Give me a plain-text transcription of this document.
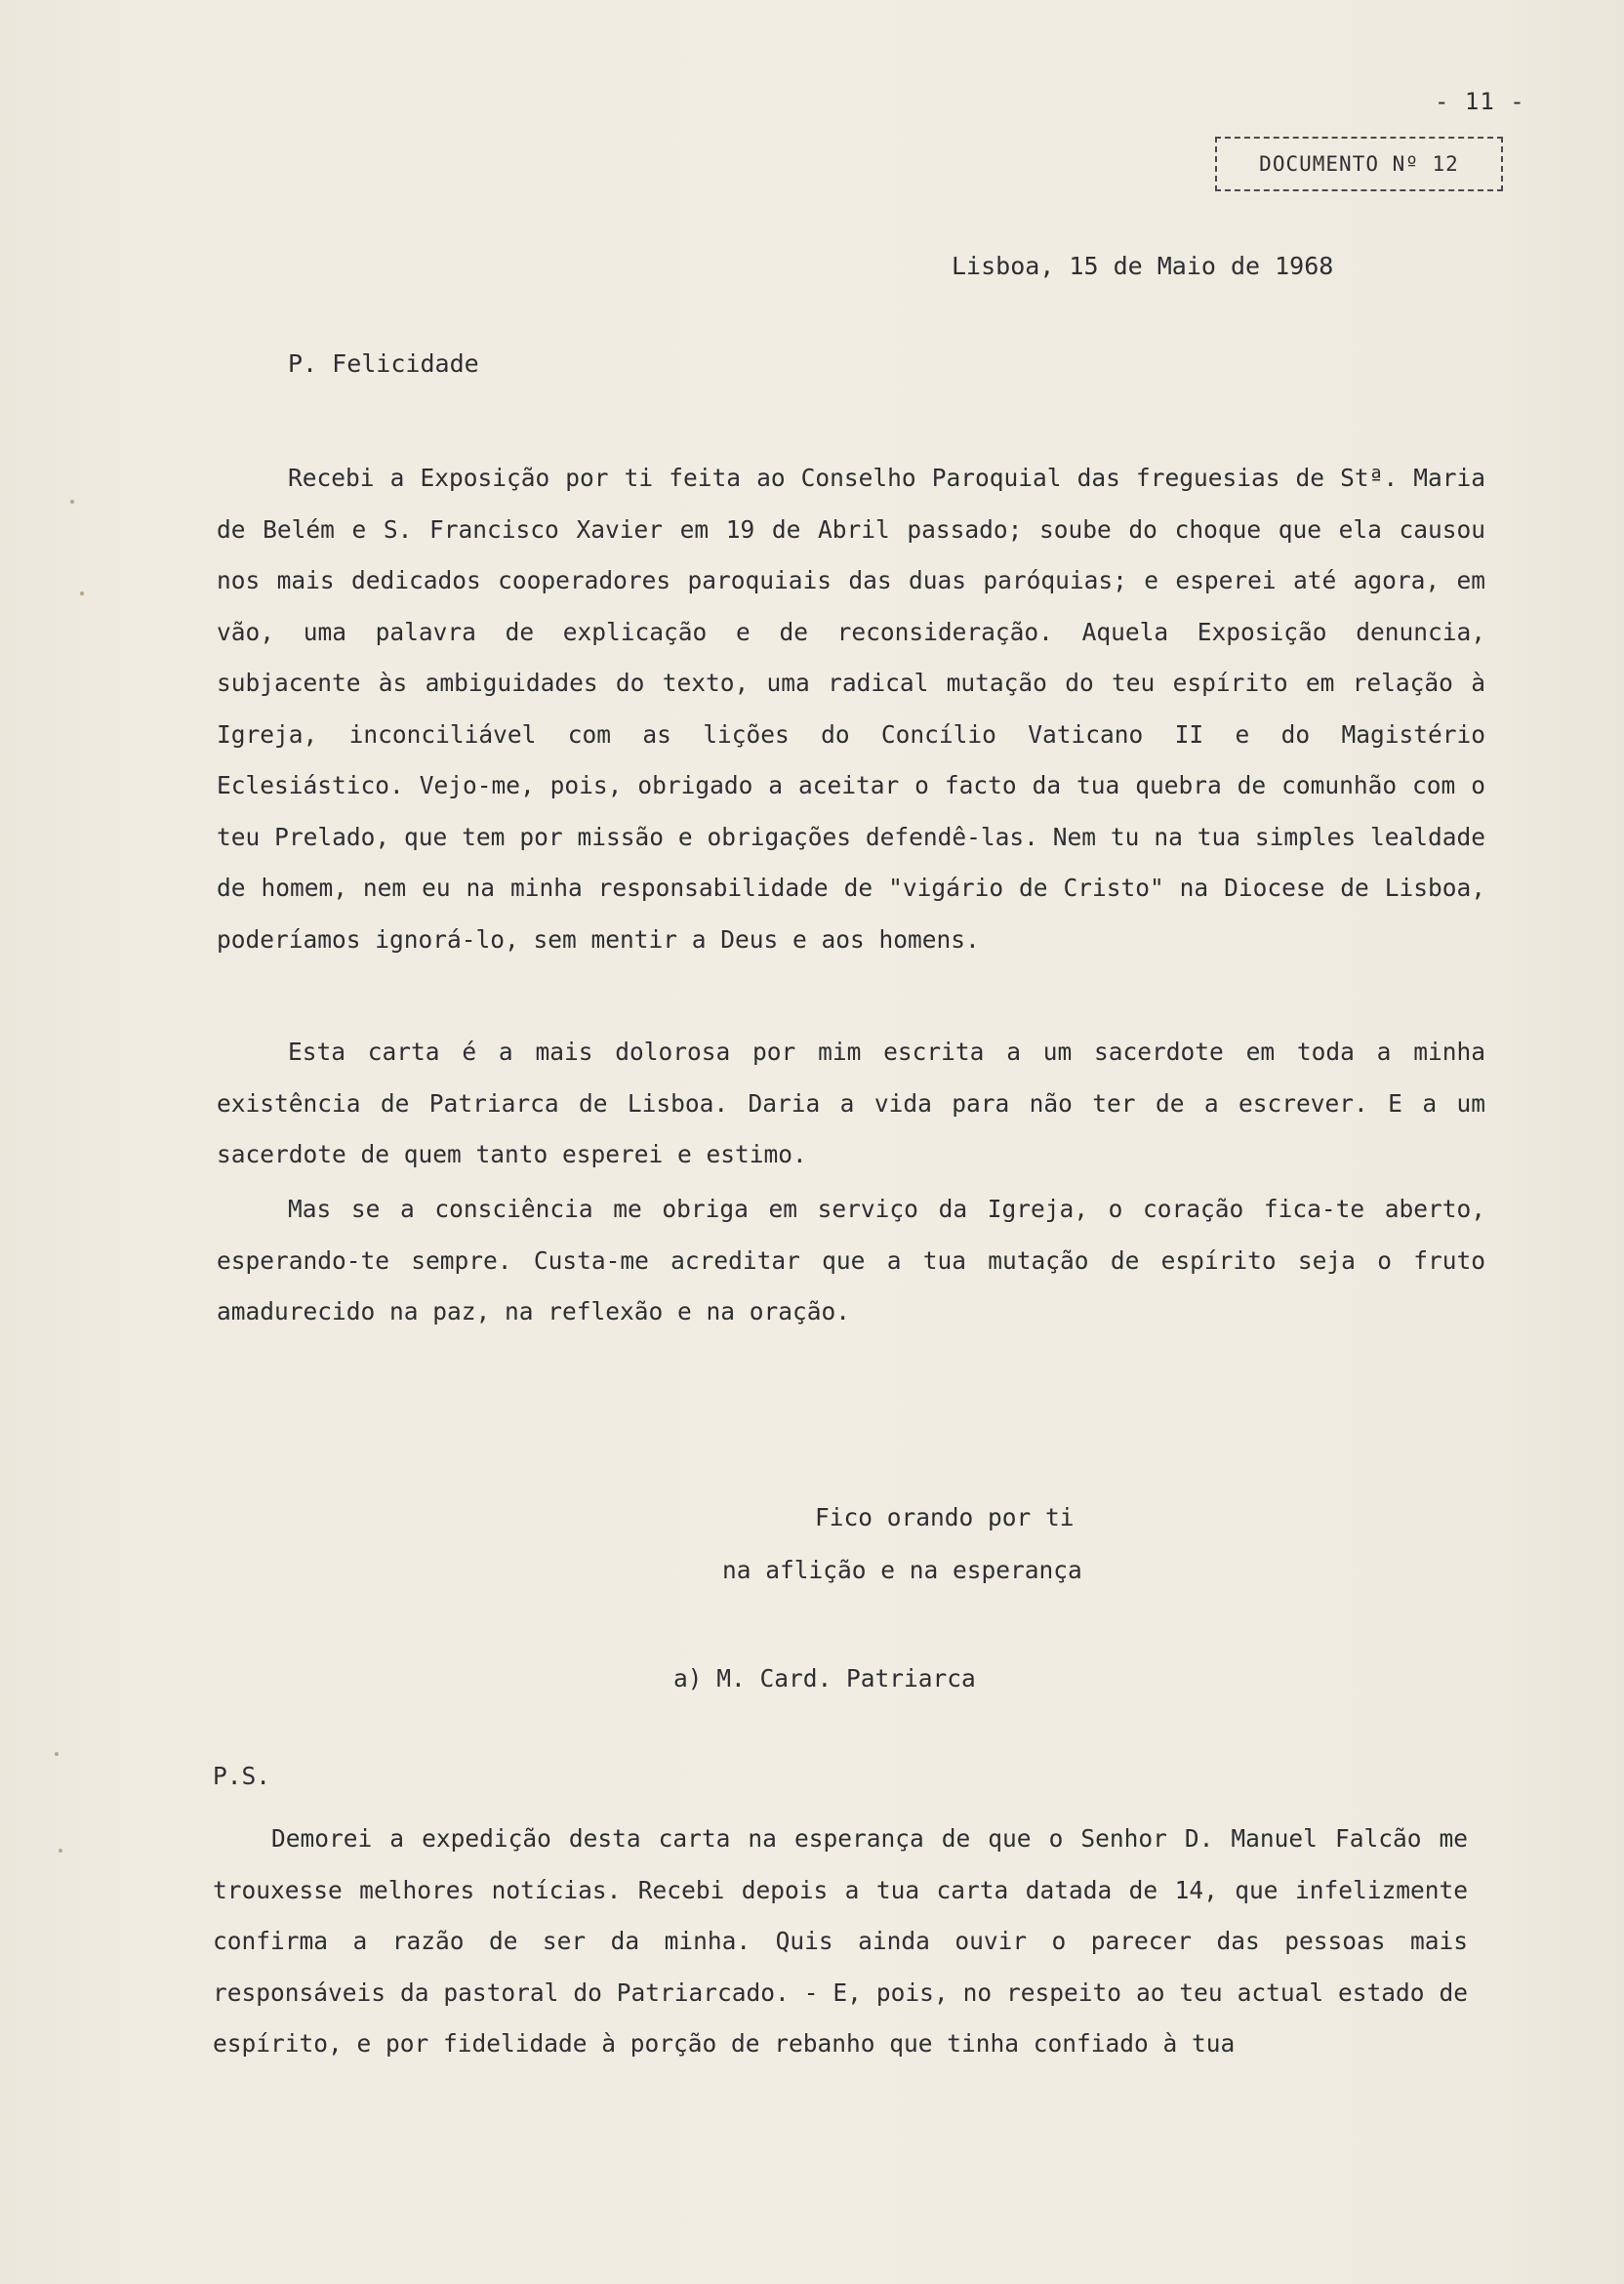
- 11 -
DOCUMENTO Nº 12
Lisboa, 15 de Maio de 1968
P. Felicidade

Recebi a Exposição por ti feita ao Conselho Paroquial das freguesias de Stª. Maria de Belém e S. Francisco Xavier em 19 de Abril passado; soube do choque que ela causou nos mais dedicados cooperadores paroquiais das duas paróquias; e esperei até agora, em vão, uma palavra de explicação e de reconsideração. Aquela Exposição denuncia, subjacente às ambiguidades do texto, uma radical mutação do teu espírito em relação à Igreja, inconciliável com as lições do Concílio Vaticano II e do Magistério Eclesiástico. Vejo-me, pois, obrigado a aceitar o facto da tua quebra de comunhão com o teu Prelado, que tem por missão e obrigações defendê-las. Nem tu na tua simples lealdade de homem, nem eu na minha responsabilidade de "vigário de Cristo" na Diocese de Lisboa, poderíamos ignorá-lo, sem mentir a Deus e aos homens.

Esta carta é a mais dolorosa por mim escrita a um sacerdote em toda a minha existência de Patriarca de Lisboa. Daria a vida para não ter de a escrever. E a um sacerdote de quem tanto esperei e estimo.

Mas se a consciência me obriga em serviço da Igreja, o coração fica-te aberto, esperando-te sempre. Custa-me acreditar que a tua mutação de espírito seja o fruto amadurecido na paz, na reflexão e na oração.

Fico orando por ti
na aflição e na esperança
a) M. Card. Patriarca
P.S.

Demorei a expedição desta carta na esperança de que o Senhor D. Manuel Falcão me trouxesse melhores notícias. Recebi depois a tua carta datada de 14, que infelizmente confirma a razão de ser da minha. Quis ainda ouvir o parecer das pessoas mais responsáveis da pastoral do Patriarcado. - E, pois, no respeito ao teu actual estado de espírito, e por fidelidade à porção de rebanho que tinha confiado à tua
